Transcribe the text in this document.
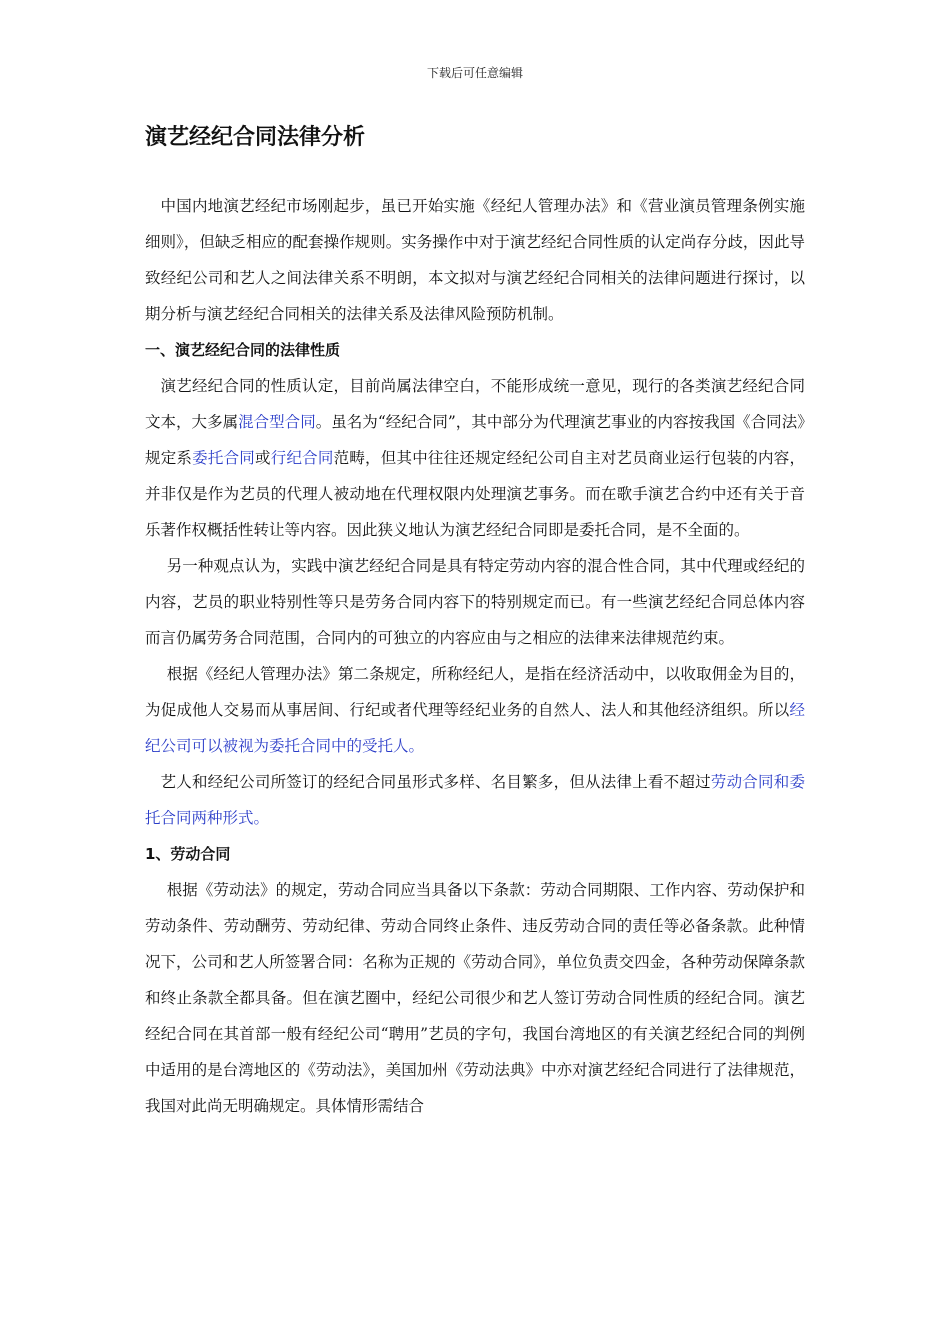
下载后可任意编辑
演艺经纪合同法律分析

中国内地演艺经纪市场刚起步，虽已开始实施《经纪人管理办法》和《营业演员管理条例实施细则》，但缺乏相应的配套操作规则。实务操作中对于演艺经纪合同性质的认定尚存分歧，因此导致经纪公司和艺人之间法律关系不明朗，本文拟对与演艺经纪合同相关的法律问题进行探讨，以期分析与演艺经纪合同相关的法律关系及法律风险预防机制。

一、演艺经纪合同的法律性质

演艺经纪合同的性质认定，目前尚属法律空白，不能形成统一意见，现行的各类演艺经纪合同文本，大多属混合型合同。虽名为“经纪合同”，其中部分为代理演艺事业的内容按我国《合同法》规定系委托合同或行纪合同范畴，但其中往往还规定经纪公司自主对艺员商业运行包装的内容，并非仅是作为艺员的代理人被动地在代理权限内处理演艺事务。而在歌手演艺合约中还有关于音乐著作权概括性转让等内容。因此狭义地认为演艺经纪合同即是委托合同，是不全面的。

另一种观点认为，实践中演艺经纪合同是具有特定劳动内容的混合性合同，其中代理或经纪的内容，艺员的职业特别性等只是劳务合同内容下的特别规定而已。有一些演艺经纪合同总体内容而言仍属劳务合同范围，合同内的可独立的内容应由与之相应的法律来法律规范约束。

根据《经纪人管理办法》第二条规定，所称经纪人，是指在经济活动中，以收取佣金为目的，为促成他人交易而从事居间、行纪或者代理等经纪业务的自然人、法人和其他经济组织。所以经纪公司可以被视为委托合同中的受托人。

艺人和经纪公司所签订的经纪合同虽形式多样、名目繁多，但从法律上看不超过劳动合同和委托合同两种形式。

1、劳动合同

根据《劳动法》的规定，劳动合同应当具备以下条款：劳动合同期限、工作内容、劳动保护和劳动条件、劳动酬劳、劳动纪律、劳动合同终止条件、违反劳动合同的责任等必备条款。此种情况下，公司和艺人所签署合同：名称为正规的《劳动合同》，单位负责交四金，各种劳动保障条款和终止条款全都具备。但在演艺圈中，经纪公司很少和艺人签订劳动合同性质的经纪合同。演艺经纪合同在其首部一般有经纪公司“聘用”艺员的字句，我国台湾地区的有关演艺经纪合同的判例中适用的是台湾地区的《劳动法》，美国加州《劳动法典》中亦对演艺经纪合同进行了法律规范，我国对此尚无明确规定。具体情形需结合
